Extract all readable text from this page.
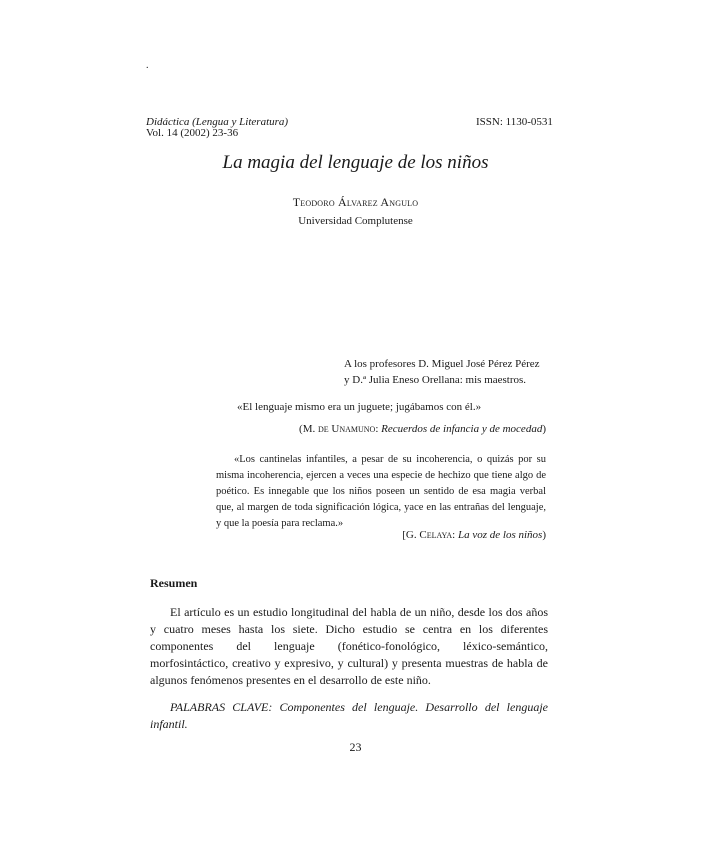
.
Didáctica (Lengua y Literatura)
Vol. 14 (2002) 23-36
ISSN: 1130-0531
La magia del lenguaje de los niños
Teodoro Álvarez Angulo
Universidad Complutense
A los profesores D. Miguel José Pérez Pérez
y D.ª Julia Eneso Orellana: mis maestros.
«El lenguaje mismo era un juguete; jugábamos con él.»
(M. de Unamuno: Recuerdos de infancia y de mocedad)
«Los cantinelas infantiles, a pesar de su incoherencia, o quizás por su misma incoherencia, ejercen a veces una especie de hechizo que tiene algo de poético. Es innegable que los niños poseen un sentido de esa magia verbal que, al margen de toda significación lógica, yace en las entrañas del lenguaje, y que la poesía para reclama.»
[G. Celaya: La voz de los niños)
Resumen
El artículo es un estudio longitudinal del habla de un niño, desde los dos años y cuatro meses hasta los siete. Dicho estudio se centra en los diferentes componentes del lenguaje (fonético-fonológico, léxico-semántico, morfosintáctico, creativo y expresivo, y cultural) y presenta muestras de habla de algunos fenómenos presentes en el desarrollo de este niño.
PALABRAS CLAVE: Componentes del lenguaje. Desarrollo del lenguaje infantil.
23
